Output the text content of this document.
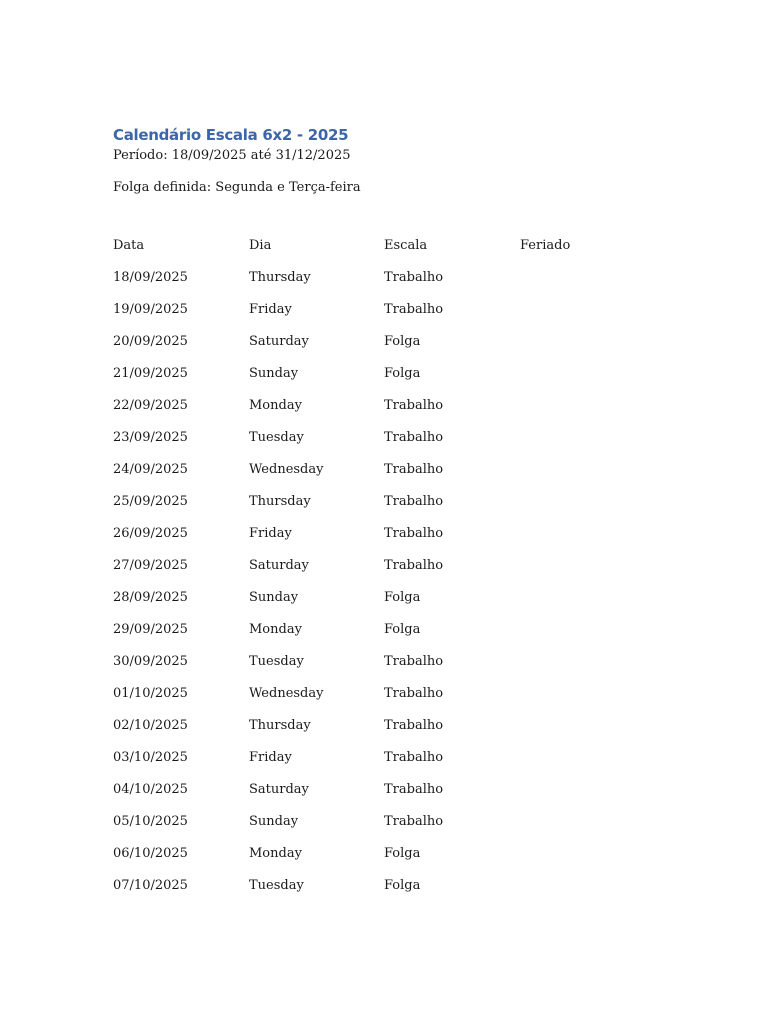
Calendário Escala 6x2 - 2025

Período: 18/09/2025 até 31/12/2025

Folga definida: Segunda e Terça-feira

Data	Dia	Escala	Feriado
18/09/2025	Thursday	Trabalho	
19/09/2025	Friday	Trabalho	
20/09/2025	Saturday	Folga	
21/09/2025	Sunday	Folga	
22/09/2025	Monday	Trabalho	
23/09/2025	Tuesday	Trabalho	
24/09/2025	Wednesday	Trabalho	
25/09/2025	Thursday	Trabalho	
26/09/2025	Friday	Trabalho	
27/09/2025	Saturday	Trabalho	
28/09/2025	Sunday	Folga	
29/09/2025	Monday	Folga	
30/09/2025	Tuesday	Trabalho	
01/10/2025	Wednesday	Trabalho	
02/10/2025	Thursday	Trabalho	
03/10/2025	Friday	Trabalho	
04/10/2025	Saturday	Trabalho	
05/10/2025	Sunday	Trabalho	
06/10/2025	Monday	Folga	
07/10/2025	Tuesday	Folga	
